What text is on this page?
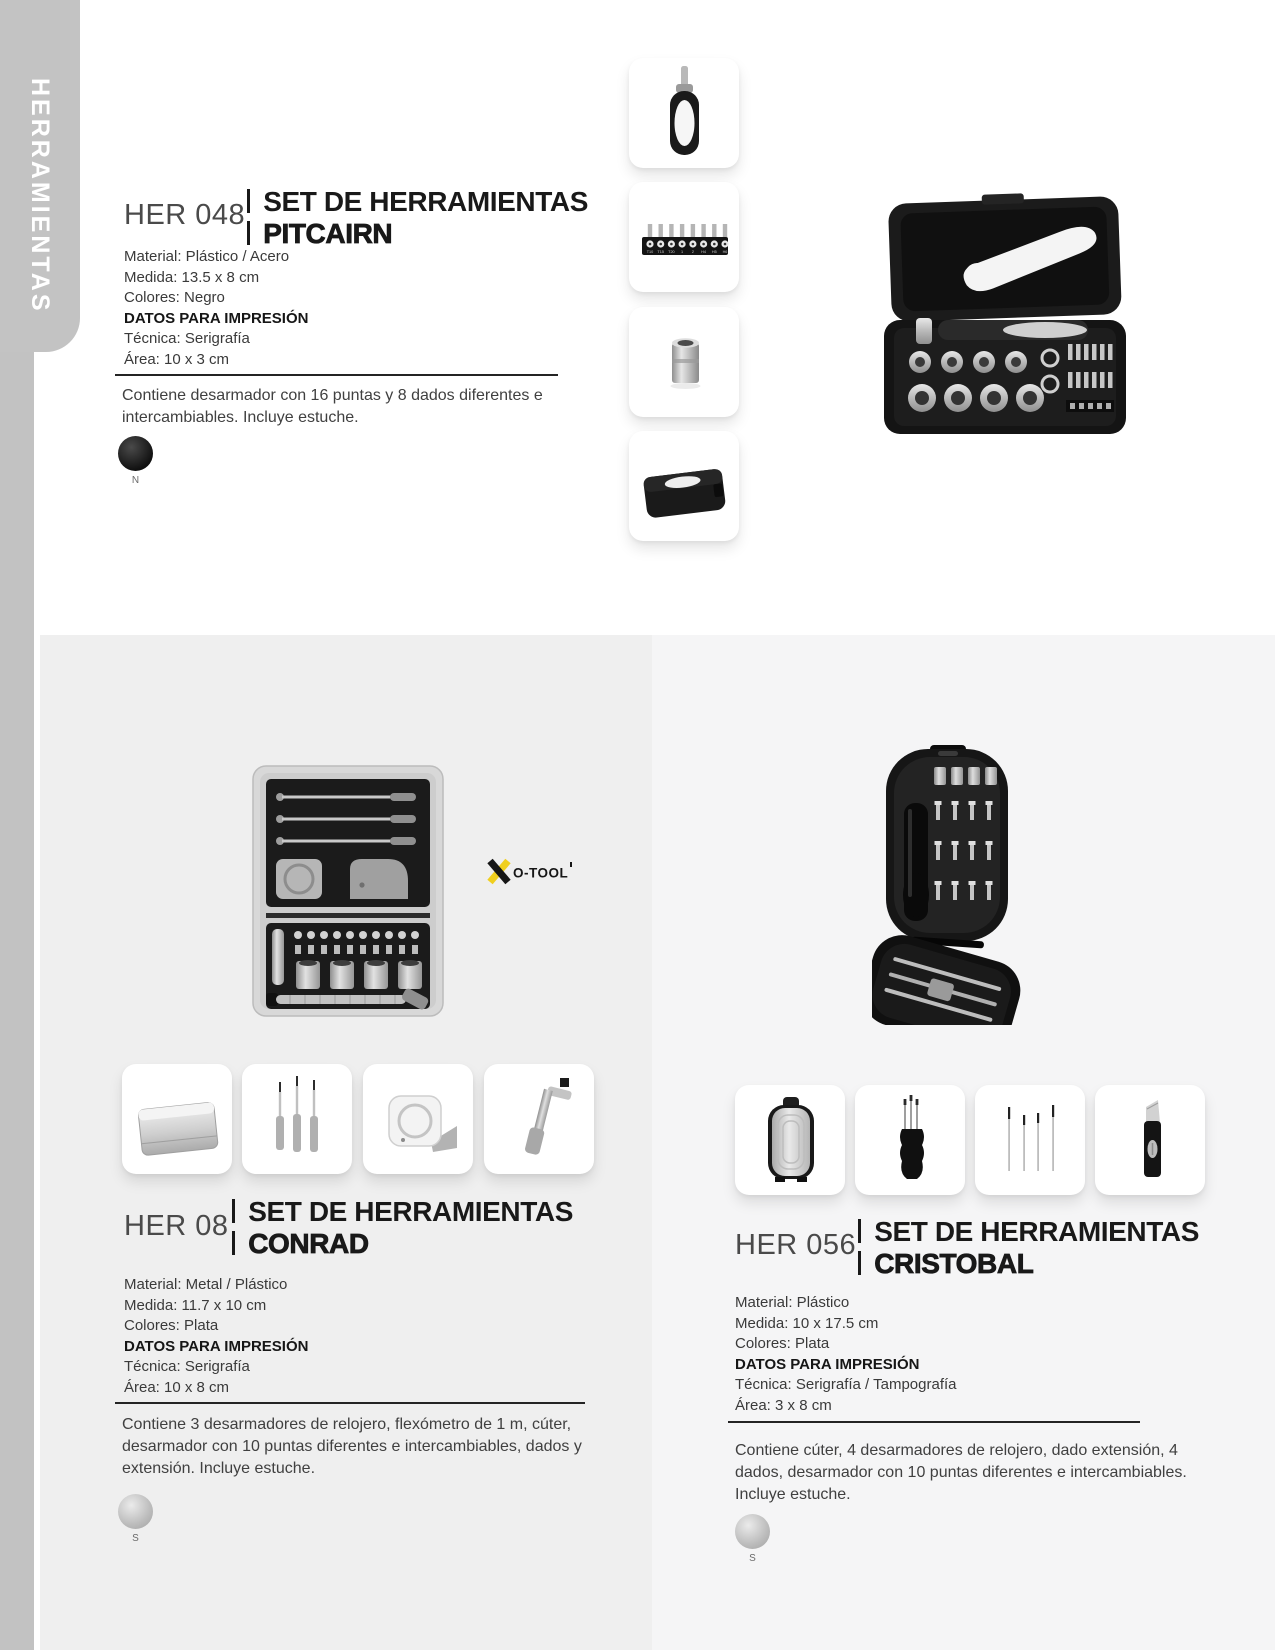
HERRAMIENTAS HER 048 SET DE HERRAMIENTAS
PITCAIRN
Material: Plástico / Acero
Medida: 13.5 x 8 cm
Colores: Negro
DATOS PARA IMPRESIÓN
Técnica: Serigrafía
Área: 10 x 3 cm
Contiene desarmador con 16 puntas y 8 dados diferentes e
intercambiables. Incluye estuche.
N
T10 T15 T20 1 2 H4 H5 H6
O-TOOL
HER 08 SET DE HERRAMIENTAS
CONRAD
Material: Metal / Plástico
Medida: 11.7 x 10 cm
Colores: Plata
DATOS PARA IMPRESIÓN
Técnica: Serigrafía
Área: 10 x 8 cm
Contiene 3 desarmadores de relojero, flexómetro de 1 m, cúter,
desarmador con 10 puntas diferentes e intercambiables, dados y
extensión. Incluye estuche.
S
HER 056 SET DE HERRAMIENTAS
CRISTOBAL
Material: Plástico
Medida: 10 x 17.5 cm
Colores: Plata
DATOS PARA IMPRESIÓN
Técnica: Serigrafía / Tampografía
Área: 3 x 8 cm
Contiene cúter, 4 desarmadores de relojero, dado extensión, 4
dados, desarmador con 10 puntas diferentes e intercambiables.
Incluye estuche.
S
